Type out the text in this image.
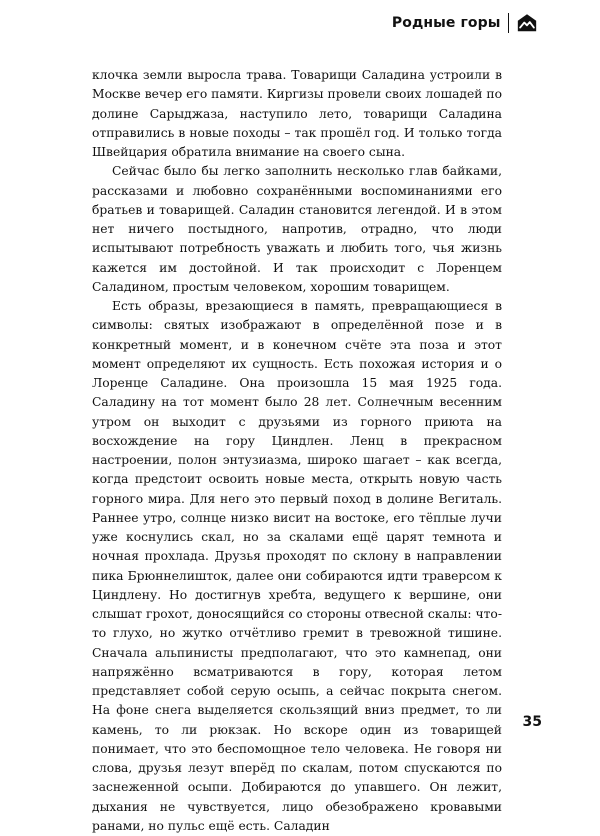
Родные горы

клочка земли выросла трава. Товарищи Саладина устроили в Москве вечер его памяти. Киргизы провели своих лошадей по долине Сарыджаза, наступило лето, товарищи Саладина отправились в новые походы – так прошёл год. И только тогда Швейцария обратила внимание на своего сына.

Сейчас было бы легко заполнить несколько глав байками, рассказами и любовно сохранёнными воспоминаниями его братьев и товарищей. Саладин становится легендой. И в этом нет ничего постыдного, напротив, отрадно, что люди испытывают потребность уважать и любить того, чья жизнь кажется им достойной. И так происходит с Лоренцем Саладином, простым человеком, хорошим товарищем.

Есть образы, врезающиеся в память, превращающиеся в символы: святых изображают в определённой позе и в конкретный момент, и в конечном счёте эта поза и этот момент определяют их сущность. Есть похожая история и о Лоренце Саладине. Она произошла 15 мая 1925 года. Саладину на тот момент было 28 лет. Солнечным весенним утром он выходит с друзьями из горного приюта на восхождение на гору Циндлен. Ленц в прекрасном настроении, полон энтузиазма, широко шагает – как всегда, когда предстоит освоить новые места, открыть новую часть горного мира. Для него это первый поход в долине Вегиталь. Раннее утро, солнце низко висит на востоке, его тёплые лучи уже коснулись скал, но за скалами ещё царят темнота и ночная прохлада. Друзья проходят по склону в направлении пика Брюннелишток, далее они собираются идти траверсом к Циндлену. Но достигнув хребта, ведущего к вершине, они слышат грохот, доносящийся со стороны отвесной скалы: что-то глухо, но жутко отчётливо гремит в тревожной тишине. Сначала альпинисты предполагают, что это камнепад, они напряжённо всматриваются в гору, которая летом представляет собой серую осыпь, а сейчас покрыта снегом. На фоне снега выделяется скользящий вниз предмет, то ли камень, то ли рюкзак. Но вскоре один из товарищей понимает, что это беспомощное тело человека. Не говоря ни слова, друзья лезут вперёд по скалам, потом спускаются по заснеженной осыпи. Добираются до упавшего. Он лежит, дыхания не чувствуется, лицо обезображено кровавыми ранами, но пульс ещё есть. Саладин

35
